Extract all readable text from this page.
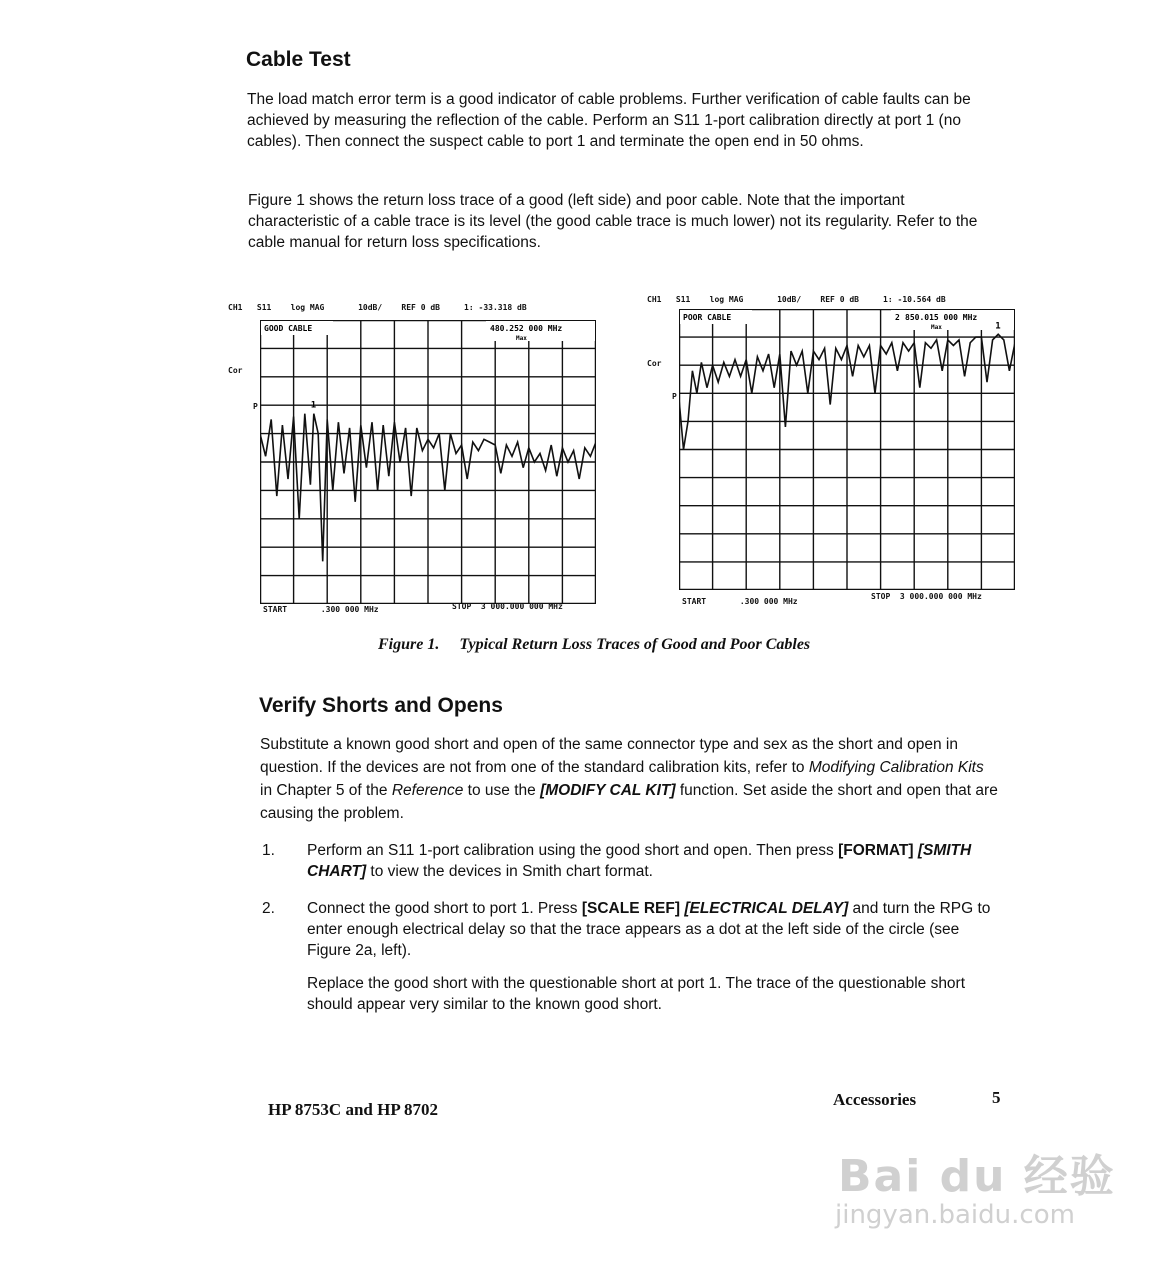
Cable Test

The load match error term is a good indicator of cable problems. Further verification of cable faults can be achieved by measuring the reflection of the cable. Perform an S11 1-port calibration directly at port 1 (no cables). Then connect the suspect cable to port 1 and terminate the open end in 50 ohms.

Figure 1 shows the return loss trace of a good (left side) and poor cable. Note that the important characteristic of a cable trace is its level (the good cable trace is much lower) not its regularity. Refer to the cable manual for return loss specifications.

CH1 S11 log MAG	10dB/ REF 0 dB	1: -33.318 dB
Cor
P
GOOD CABLE	480.252 000 MHz
Max
1
START	.300 000 MHz	STOP 3 000.000 000 MHz
CH1 S11 log MAG	10dB/ REF 0 dB	1: -10.564 dB
Cor
P
POOR CABLE	2 850.015 000 MHz
Max	1
START	.300 000 MHz
STOP 3 000.000 000 MHz
Figure 1. Typical Return Loss Traces of Good and Poor Cables
Verify Shorts and Opens

Substitute a known good short and open of the same connector type and sex as the short and open in question. If the devices are not from one of the standard calibration kits, refer to Modifying Calibration Kits in Chapter 5 of the Reference to use the [MODIFY CAL KIT] function. Set aside the short and open that are causing the problem.

1. Perform an S11 1-port calibration using the good short and open. Then press [FORMAT] [SMITH CHART] to view the devices in Smith chart format.

2. Connect the good short to port 1. Press [SCALE REF] [ELECTRICAL DELAY] and turn the RPG to enter enough electrical delay so that the trace appears as a dot at the left side of the circle (see Figure 2a, left).

Replace the good short with the questionable short at port 1. The trace of the questionable short should appear very similar to the known good short.

HP 8753C and HP 8702
Accessories	5
Bai du 经验
jingyan.baidu.com
